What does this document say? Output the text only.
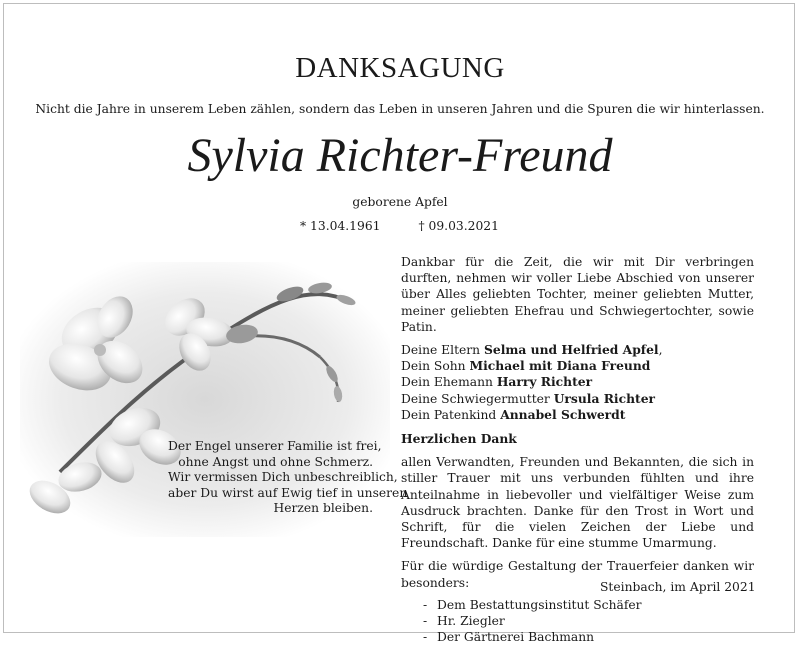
DANKSAGUNG
Nicht die Jahre in unserem Leben zählen, sondern das Leben in unseren Jahren und die Spuren die wir hinterlassen.
Sylvia Richter-Freund
geborene Apfel
* 13.04.1961	† 09.03.2021
Der Engel unserer Familie ist frei,
ohne Angst und ohne Schmerz.
Wir vermissen Dich unbeschreiblich,
aber Du wirst auf Ewig tief in unseren
Herzen bleiben.

Dankbar für die Zeit, die wir mit Dir verbringen durften, nehmen wir voller Liebe Abschied von unserer über Alles geliebten Tochter, meiner geliebten Mutter, meiner geliebten Ehefrau und Schwiegertochter, sowie Patin.

Deine Eltern Selma und Helfried Apfel,
Dein Sohn Michael mit Diana Freund
Dein Ehemann Harry Richter
Deine Schwiegermutter Ursula Richter
Dein Patenkind Annabel Schwerdt
Herzlichen Dank

allen Verwandten, Freunden und Bekannten, die sich in stiller Trauer mit uns verbunden fühlten und ihre Anteilnahme in liebevoller und vielfältiger Weise zum Ausdruck brachten. Danke für den Trost in Wort und Schrift, für die vielen Zeichen der Liebe und Freundschaft. Danke für eine stumme Umarmung.

Für die würdige Gestaltung der Trauerfeier danken wir besonders:

- Dem Bestattungsinstitut Schäfer
- Hr. Ziegler
- Der Gärtnerei Bachmann
Steinbach, im April 2021
